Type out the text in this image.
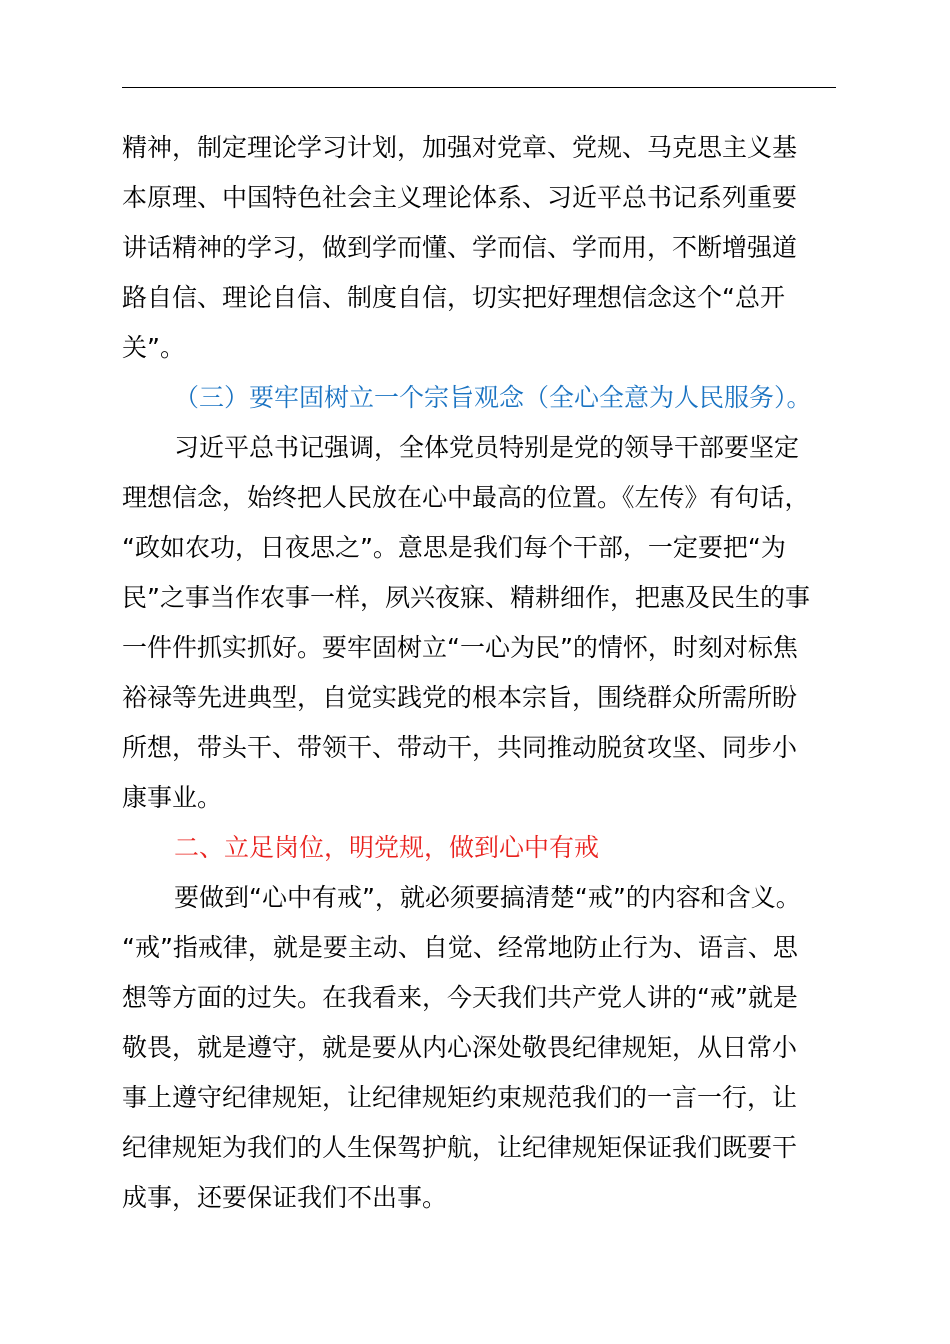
精神，制定理论学习计划，加强对党章、党规、马克思主义基
本原理、中国特色社会主义理论体系、习近平总书记系列重要
讲话精神的学习，做到学而懂、学而信、学而用，不断增强道
路自信、理论自信、制度自信，切实把好理想信念这个“总开
关”。
（三）要牢固树立一个宗旨观念（全心全意为人民服务）。
习近平总书记强调，全体党员特别是党的领导干部要坚定
理想信念，始终把人民放在心中最高的位置。《左传》有句话，
“政如农功，日夜思之”。意思是我们每个干部，一定要把“为
民”之事当作农事一样，夙兴夜寐、精耕细作，把惠及民生的事
一件件抓实抓好。要牢固树立“一心为民”的情怀，时刻对标焦
裕禄等先进典型，自觉实践党的根本宗旨，围绕群众所需所盼
所想，带头干、带领干、带动干，共同推动脱贫攻坚、同步小
康事业。
二、立足岗位，明党规，做到心中有戒
要做到“心中有戒”，就必须要搞清楚“戒”的内容和含义。
“戒”指戒律，就是要主动、自觉、经常地防止行为、语言、思
想等方面的过失。在我看来，今天我们共产党人讲的“戒”就是
敬畏，就是遵守，就是要从内心深处敬畏纪律规矩，从日常小
事上遵守纪律规矩，让纪律规矩约束规范我们的一言一行，让
纪律规矩为我们的人生保驾护航，让纪律规矩保证我们既要干
成事，还要保证我们不出事。
